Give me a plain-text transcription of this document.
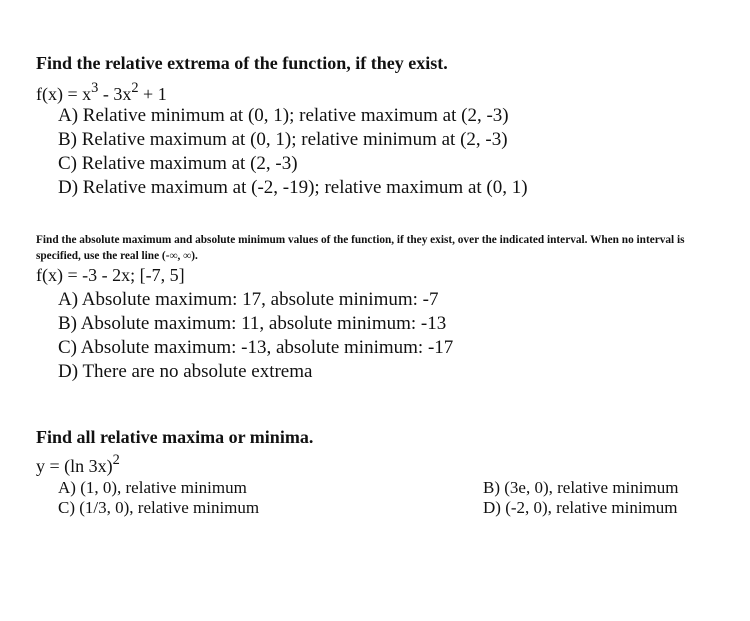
Find the relative extrema of the function, if they exist.
$f(x) = x^3 - 3x^2 + 1$
A) Relative minimum at (0, 1); relative maximum at (2, -3)
B) Relative maximum at (0, 1); relative minimum at (2, -3)
C) Relative maximum at (2, -3)
D) Relative maximum at (-2, -19); relative maximum at (0, 1)
Find the absolute maximum and absolute minimum values of the function, if they exist, over the indicated interval. When no interval is specified, use the real line (-∞, ∞).
f(x) = -3 - 2x; [-7, 5]
A) Absolute maximum: 17, absolute minimum: -7
B) Absolute maximum: 11, absolute minimum: -13
C) Absolute maximum: -13, absolute minimum: -17
D) There are no absolute extrema
Find all relative maxima or minima.
y = (ln 3x)$^2$
A) (1, 0), relative minimum	B) (3e, 0), relative minimum
C) (1/3, 0), relative minimum	D) (-2, 0), relative minimum
